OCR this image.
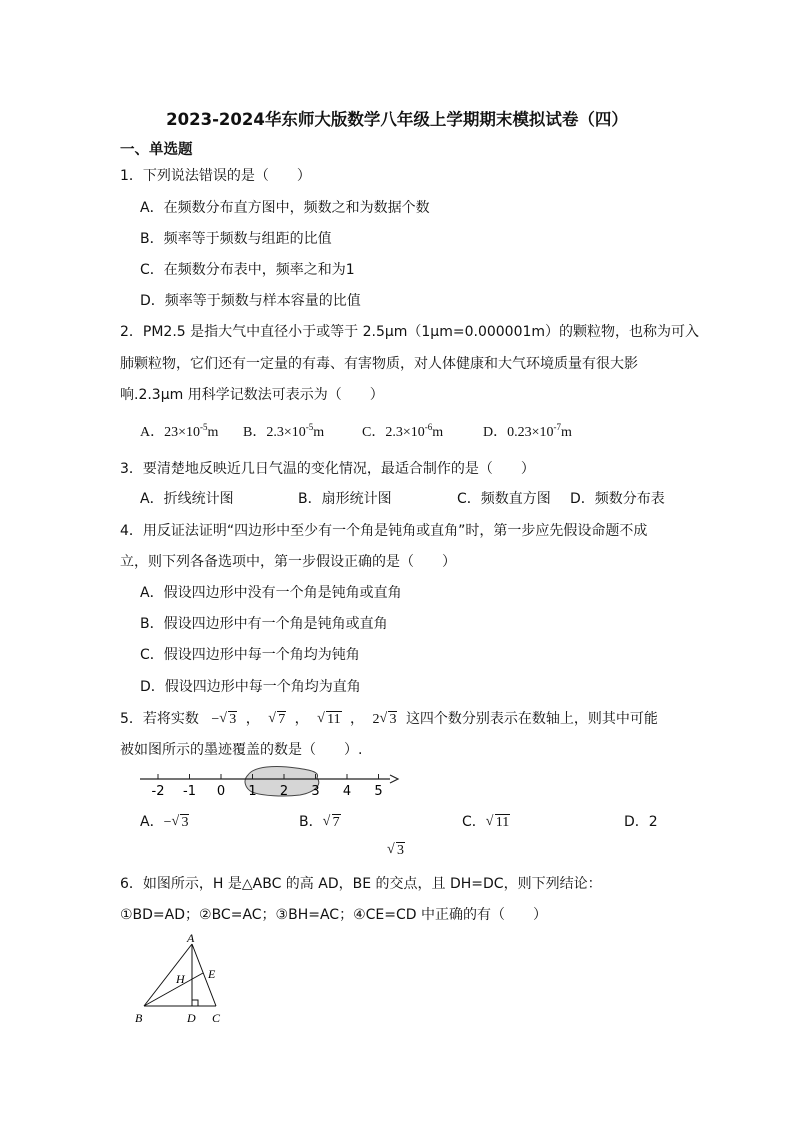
2023-2024华东师大版数学八年级上学期期末模拟试卷（四）
一、单选题
1．下列说法错误的是（　　）
A．在频数分布直方图中，频数之和为数据个数
B．频率等于频数与组距的比值
C．在频数分布表中，频率之和为1
D．频率等于频数与样本容量的比值
2．PM2.5 是指大气中直径小于或等于 2.5μm（1μm=0.000001m）的颗粒物，也称为可入
肺颗粒物，它们还有一定量的有毒、有害物质，对人体健康和大气环境质量有很大影
响.2.3μm 用科学记数法可表示为（　　）
A．$23\times 10^{-5}m$ B．$2.3\times 10^{-5}m$	C．$2.3\times 10^{-6}m$	D．$0.23\times 10^{-7}m$
3．要清楚地反映近几日气温的变化情况，最适合制作的是（　　）
A．折线统计图	B．扇形统计图	C．频数直方图 D．频数分布表
4．用反证法证明“四边形中至少有一个角是钝角或直角”时，第一步应先假设命题不成
立，则下列各备选项中，第一步假设正确的是（　　）
A．假设四边形中没有一个角是钝角或直角
B．假设四边形中有一个角是钝角或直角
C．假设四边形中每一个角均为钝角
D．假设四边形中每一个角均为直角
5．若将实数 − √ 3 ， √ 7 ， √ 11 ， 2 √ 3 这四个数分别表示在数轴上，则其中可能
被如图所示的墨迹覆盖的数是（　　）.
-2 -1 0 1 2 3 4 5
A．− √ 3	B． √ 7	C． √ 11	D．2
√ 3
6．如图所示，H 是△ABC 的高 AD，BE 的交点，且 DH=DC，则下列结论：
①BD=AD；②BC=AC；③BH=AC；④CE=CD 中正确的有（　　）
A
B	C
D
E
H
